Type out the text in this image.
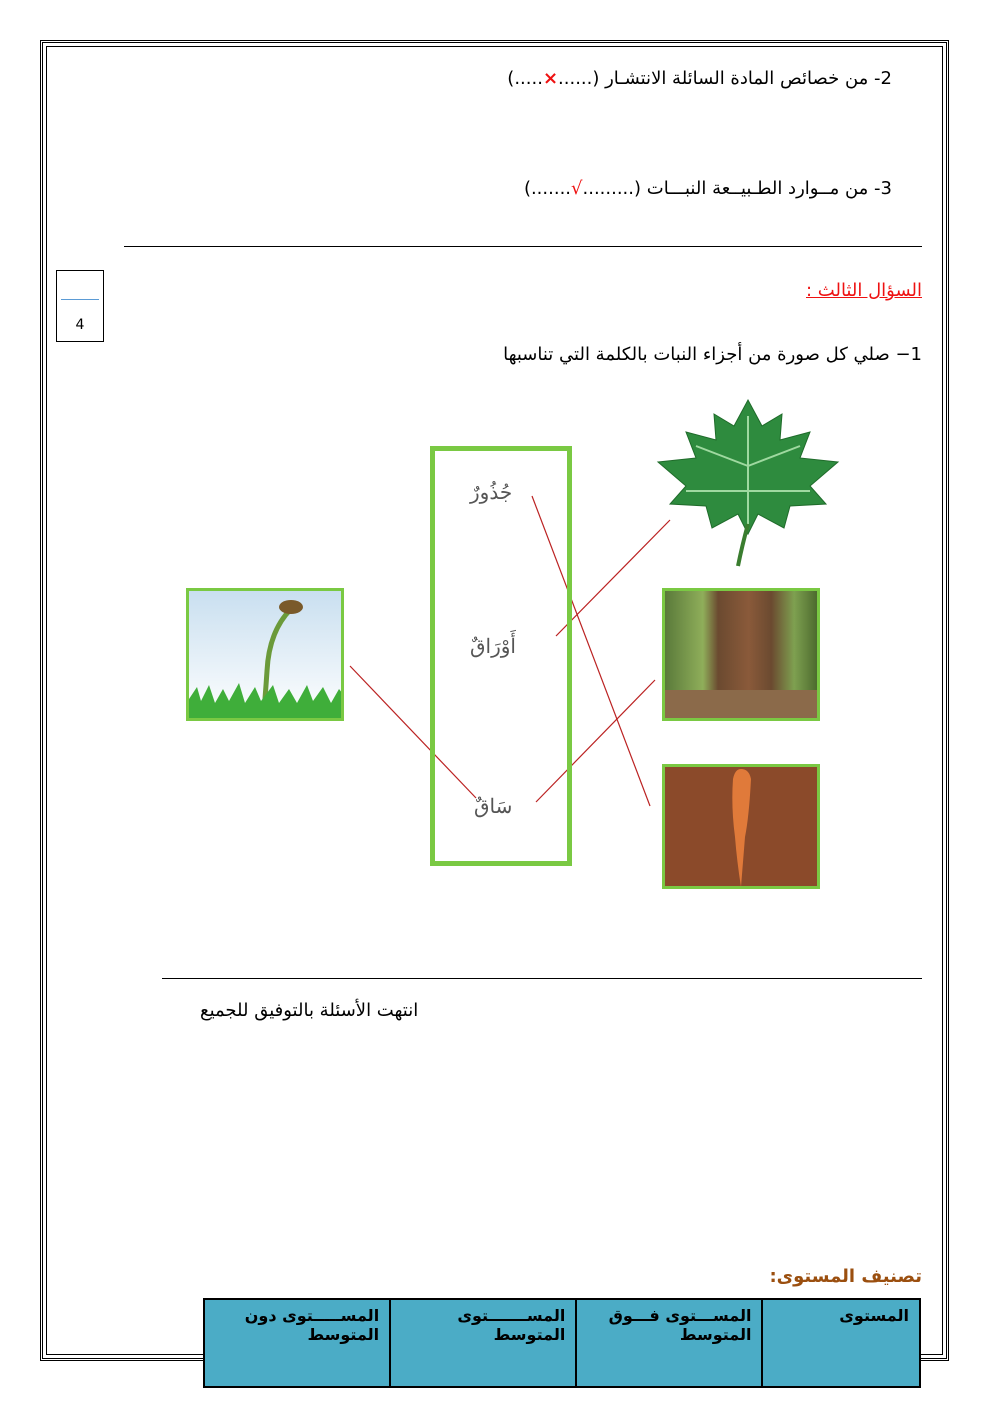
2- من خصائص المادة السائلة الانتشـار (......×.....)
3- من مــوارد الطـبيــعة النبـــات (.........√.......)
4
السؤال الثالث :
1− صلي كل صورة من أجزاء النبات بالكلمة التي تناسبها
جُذُورٌ
أَوْرَاقٌ
سَاقٌ
انتهت الأسئلة بالتوفيق للجميع
تصنيف المستوى:
المستوى	المســـتوى فـــوق المتوسط	المســـــــتوى المتوسط	المســـــتوى دون المتوسط
